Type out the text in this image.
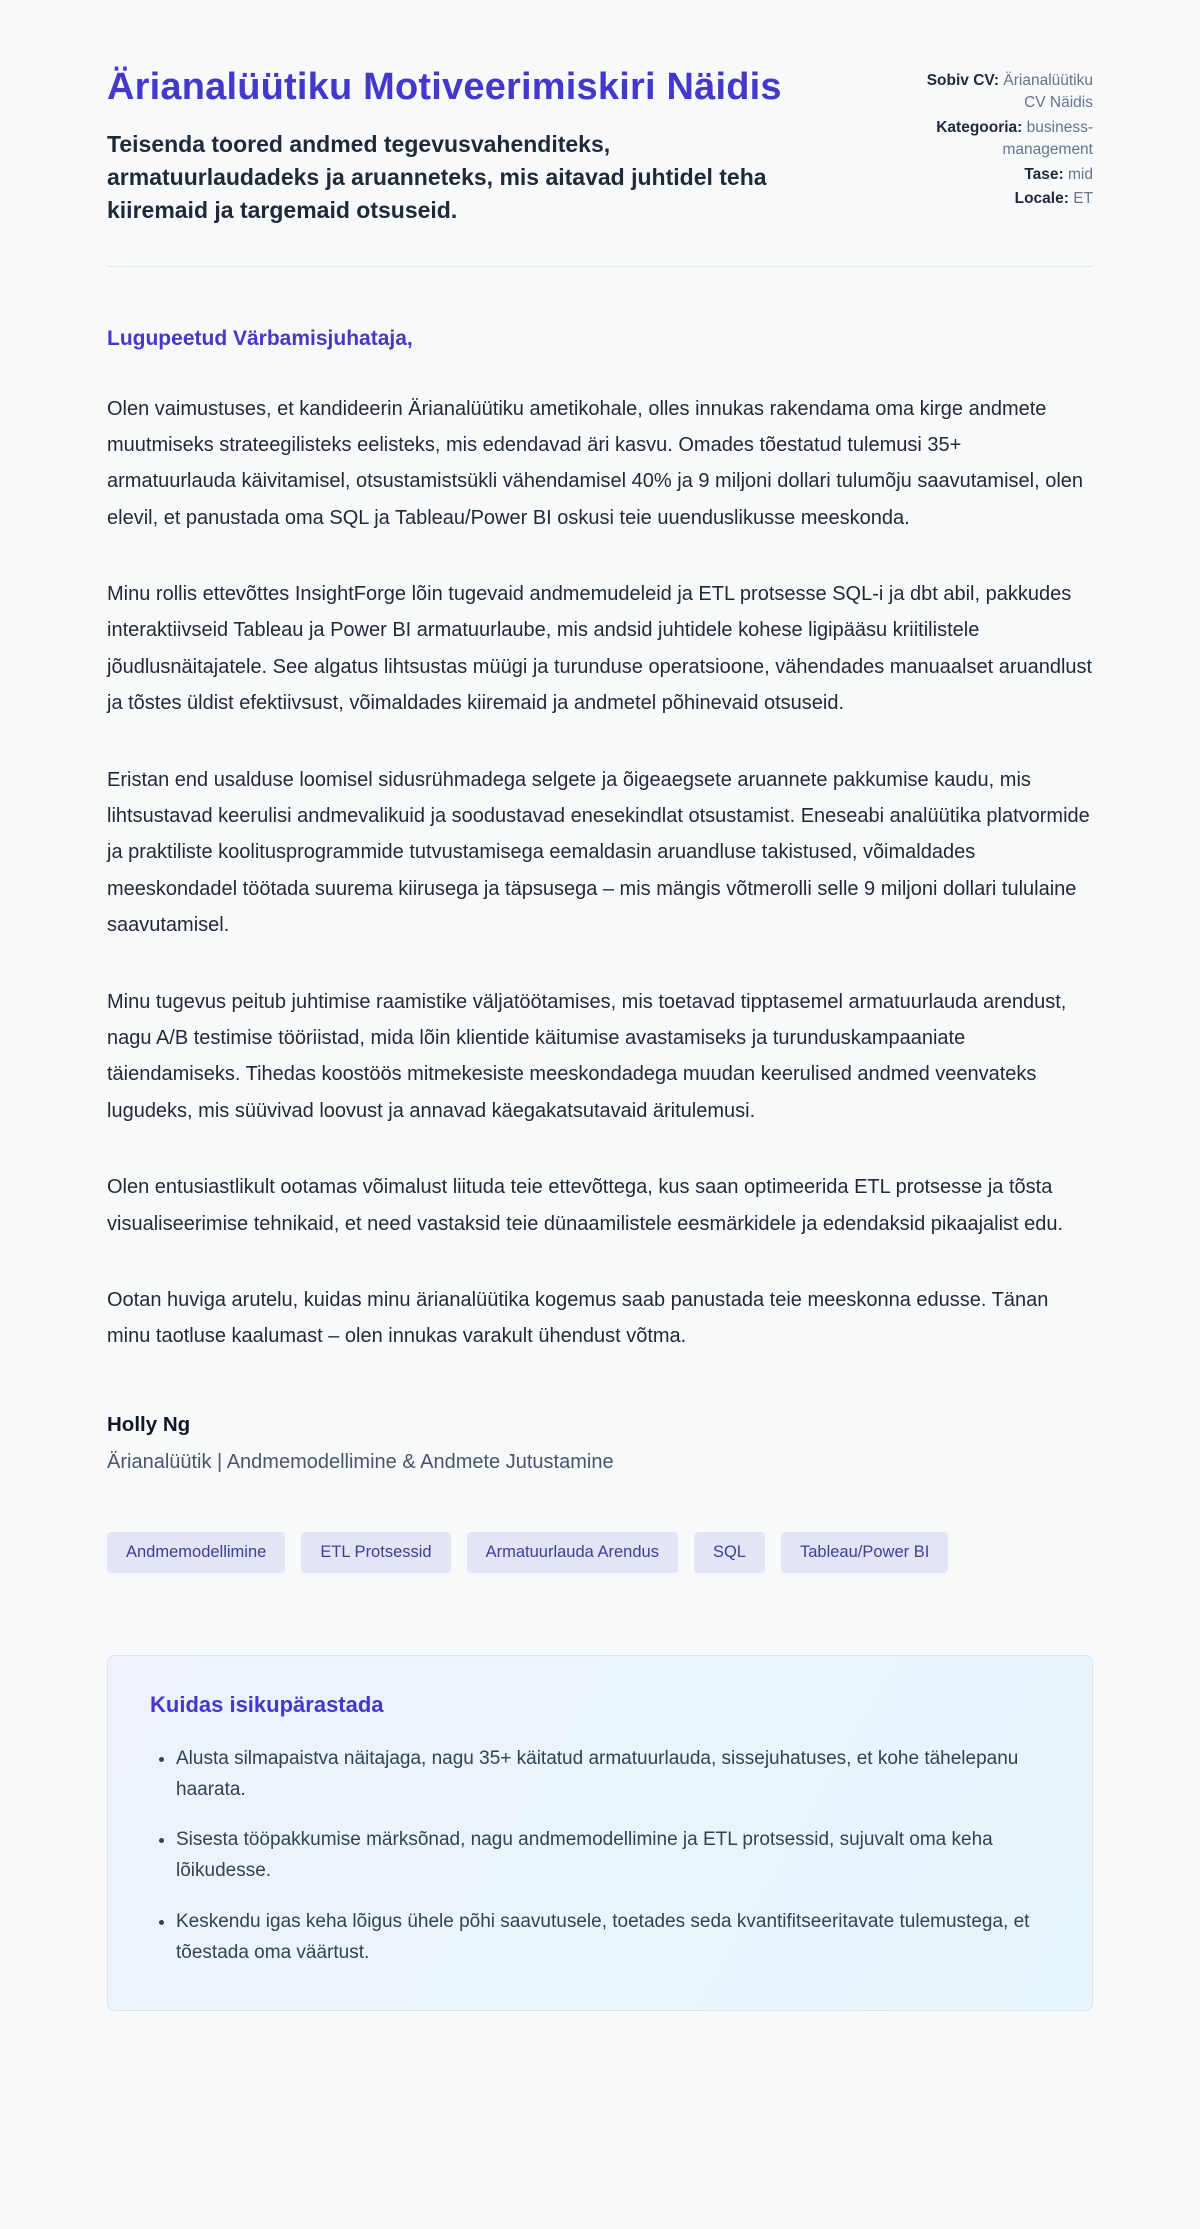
Ärianalüütiku Motiveerimiskiri Näidis

Teisenda toored andmed tegevusvahenditeks, armatuurlaudadeks ja aruanneteks, mis aitavad juhtidel teha kiiremaid ja targemaid otsuseid.

Sobiv CV: Ärianalüütiku CV Näidis
Kategooria: business-management
Tase: mid
Locale: ET

Lugupeetud Värbamisjuhataja,

Olen vaimustuses, et kandideerin Ärianalüütiku ametikohale, olles innukas rakendama oma kirge andmete muutmiseks strateegilisteks eelisteks, mis edendavad äri kasvu. Omades tõestatud tulemusi 35+ armatuurlauda käivitamisel, otsustamistsükli vähendamisel 40% ja 9 miljoni dollari tulumõju saavutamisel, olen elevil, et panustada oma SQL ja Tableau/Power BI oskusi teie uuenduslikusse meeskonda.

Minu rollis ettevõttes InsightForge lõin tugevaid andmemudeleid ja ETL protsesse SQL-i ja dbt abil, pakkudes interaktiivseid Tableau ja Power BI armatuurlaube, mis andsid juhtidele kohese ligipääsu kriitilistele jõudlusnäitajatele. See algatus lihtsustas müügi ja turunduse operatsioone, vähendades manuaalset aruandlust ja tõstes üldist efektiivsust, võimaldades kiiremaid ja andmetel põhinevaid otsuseid.

Eristan end usalduse loomisel sidusrühmadega selgete ja õigeaegsete aruannete pakkumise kaudu, mis lihtsustavad keerulisi andmevalikuid ja soodustavad enesekindlat otsustamist. Eneseabi analüütika platvormide ja praktiliste koolitusprogrammide tutvustamisega eemaldasin aruandluse takistused, võimaldades meeskondadel töötada suurema kiirusega ja täpsusega – mis mängis võtmerolli selle 9 miljoni dollari tululaine saavutamisel.

Minu tugevus peitub juhtimise raamistike väljatöötamises, mis toetavad tipptasemel armatuurlauda arendust, nagu A/B testimise tööriistad, mida lõin klientide käitumise avastamiseks ja turunduskampaaniate täiendamiseks. Tihedas koostöös mitmekesiste meeskondadega muudan keerulised andmed veenvateks lugudeks, mis süüvivad loovust ja annavad käegakatsutavaid äritulemusi.

Olen entusiastlikult ootamas võimalust liituda teie ettevõttega, kus saan optimeerida ETL protsesse ja tõsta visualiseerimise tehnikaid, et need vastaksid teie dünaamilistele eesmärkidele ja edendaksid pikaajalist edu.

Ootan huviga arutelu, kuidas minu ärianalüütika kogemus saab panustada teie meeskonna edusse. Tänan minu taotluse kaalumast – olen innukas varakult ühendust võtma.

Holly Ng

Ärianalüütik | Andmemodellimine & Andmete Jutustamine

Andmemodellimine	ETL Protsessid	Armatuurlauda Arendus	SQL	Tableau/Power BI
Kuidas isikupärastada
• Alusta silmapaistva näitajaga, nagu 35+ käitatud armatuurlauda, sissejuhatuses, et kohe tähelepanu haarata.
• Sisesta tööpakkumise märksõnad, nagu andmemodellimine ja ETL protsessid, sujuvalt oma keha lõikudesse.
• Keskendu igas keha lõigus ühele põhi saavutusele, toetades seda kvantifitseeritavate tulemustega, et tõestada oma väärtust.
